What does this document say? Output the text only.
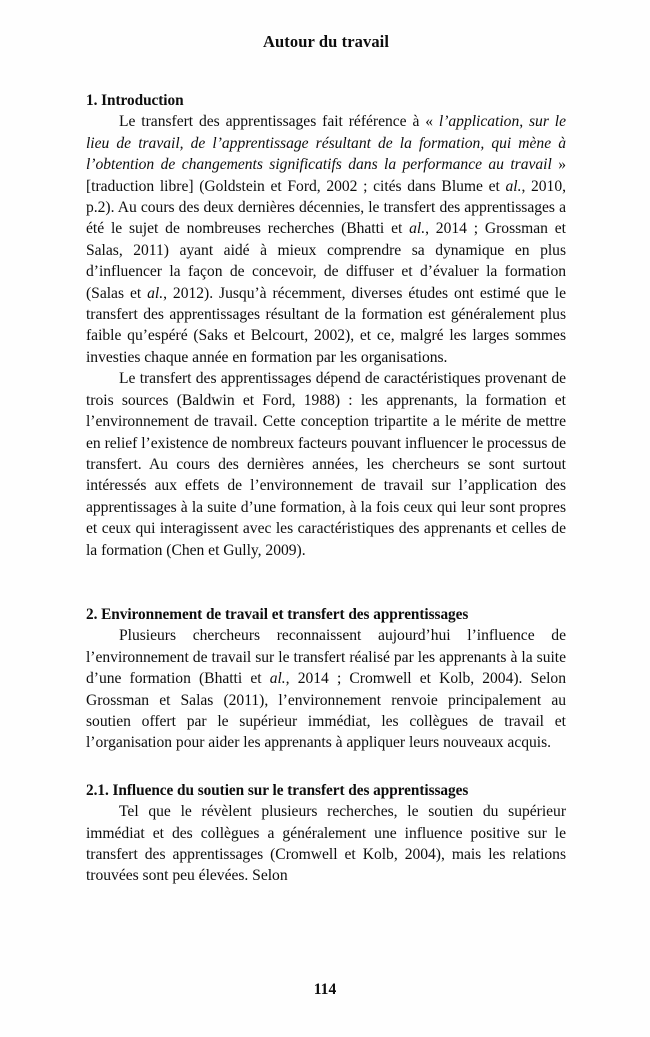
Autour du travail
1. Introduction

Le transfert des apprentissages fait référence à « l’application, sur le lieu de travail, de l’apprentissage résultant de la formation, qui mène à l’obtention de changements significatifs dans la performance au travail » [traduction libre] (Goldstein et Ford, 2002 ; cités dans Blume et al., 2010, p.2). Au cours des deux dernières décennies, le transfert des apprentissages a été le sujet de nombreuses recherches (Bhatti et al., 2014 ; Grossman et Salas, 2011) ayant aidé à mieux comprendre sa dynamique en plus d’influencer la façon de concevoir, de diffuser et d’évaluer la formation (Salas et al., 2012). Jusqu’à récemment, diverses études ont estimé que le transfert des apprentissages résultant de la formation est généralement plus faible qu’espéré (Saks et Belcourt, 2002), et ce, malgré les larges sommes investies chaque année en formation par les organisations.

Le transfert des apprentissages dépend de caractéristiques provenant de trois sources (Baldwin et Ford, 1988) : les apprenants, la formation et l’environnement de travail. Cette conception tripartite a le mérite de mettre en relief l’existence de nombreux facteurs pouvant influencer le processus de transfert. Au cours des dernières années, les chercheurs se sont surtout intéressés aux effets de l’environnement de travail sur l’application des apprentissages à la suite d’une formation, à la fois ceux qui leur sont propres et ceux qui interagissent avec les caractéristiques des apprenants et celles de la formation (Chen et Gully, 2009).

2. Environnement de travail et transfert des apprentissages

Plusieurs chercheurs reconnaissent aujourd’hui l’influence de l’environnement de travail sur le transfert réalisé par les apprenants à la suite d’une formation (Bhatti et al., 2014 ; Cromwell et Kolb, 2004). Selon Grossman et Salas (2011), l’environnement renvoie principalement au soutien offert par le supérieur immédiat, les collègues de travail et l’organisation pour aider les apprenants à appliquer leurs nouveaux acquis.

2.1. Influence du soutien sur le transfert des apprentissages

Tel que le révèlent plusieurs recherches, le soutien du supérieur immédiat et des collègues a généralement une influence positive sur le transfert des apprentissages (Cromwell et Kolb, 2004), mais les relations trouvées sont peu élevées. Selon

114
